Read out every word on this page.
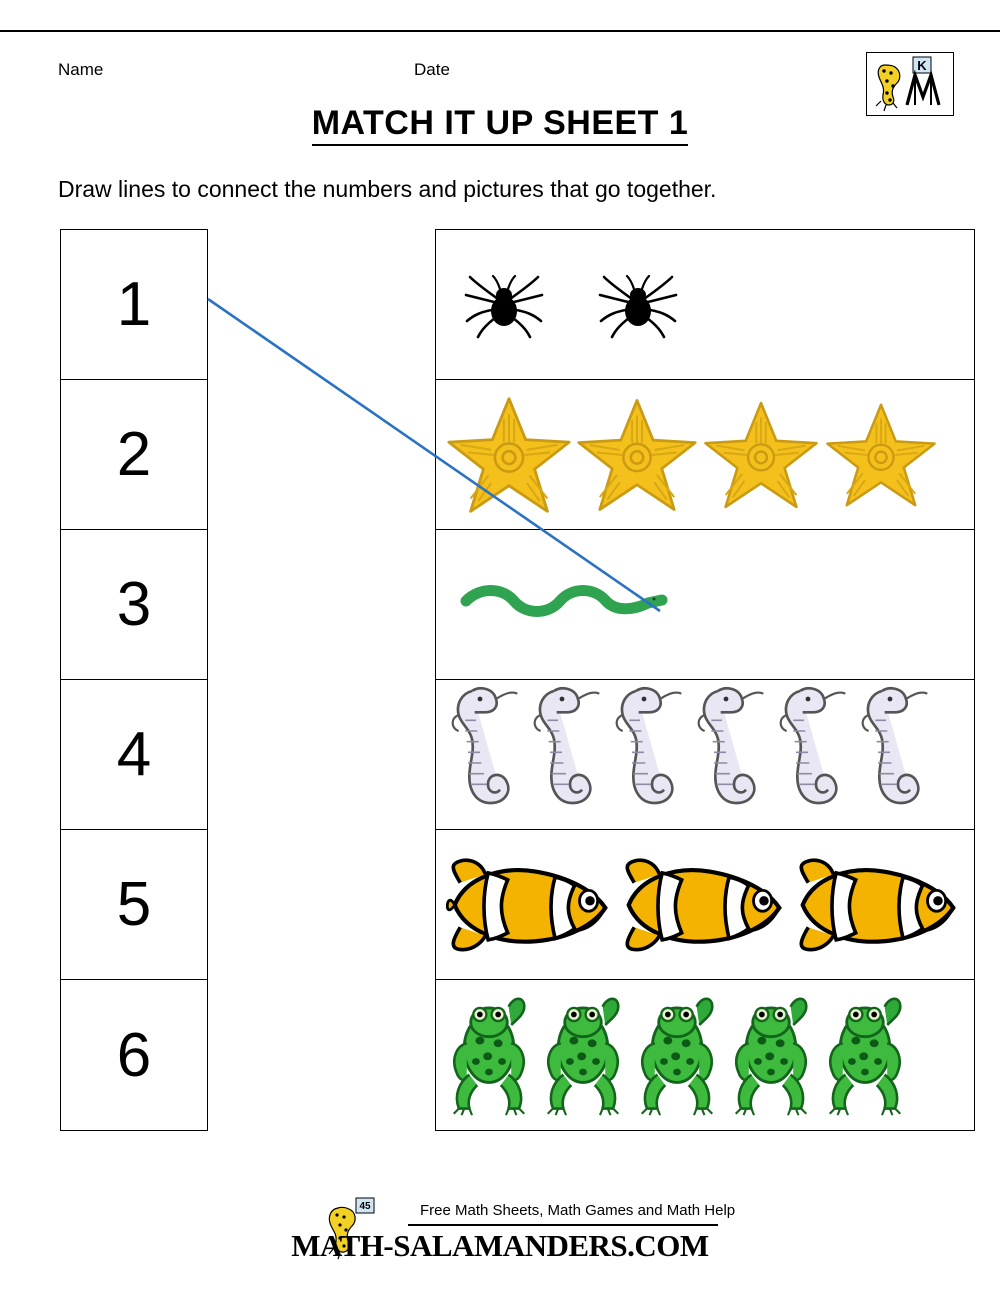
Name	Date	K
MATCH IT UP SHEET 1
Draw lines to connect the numbers and pictures that go together.
1
2
3
4
5
6
45	Free Math Sheets, Math Games and Math Help
MATH-SALAMANDERS.COM
